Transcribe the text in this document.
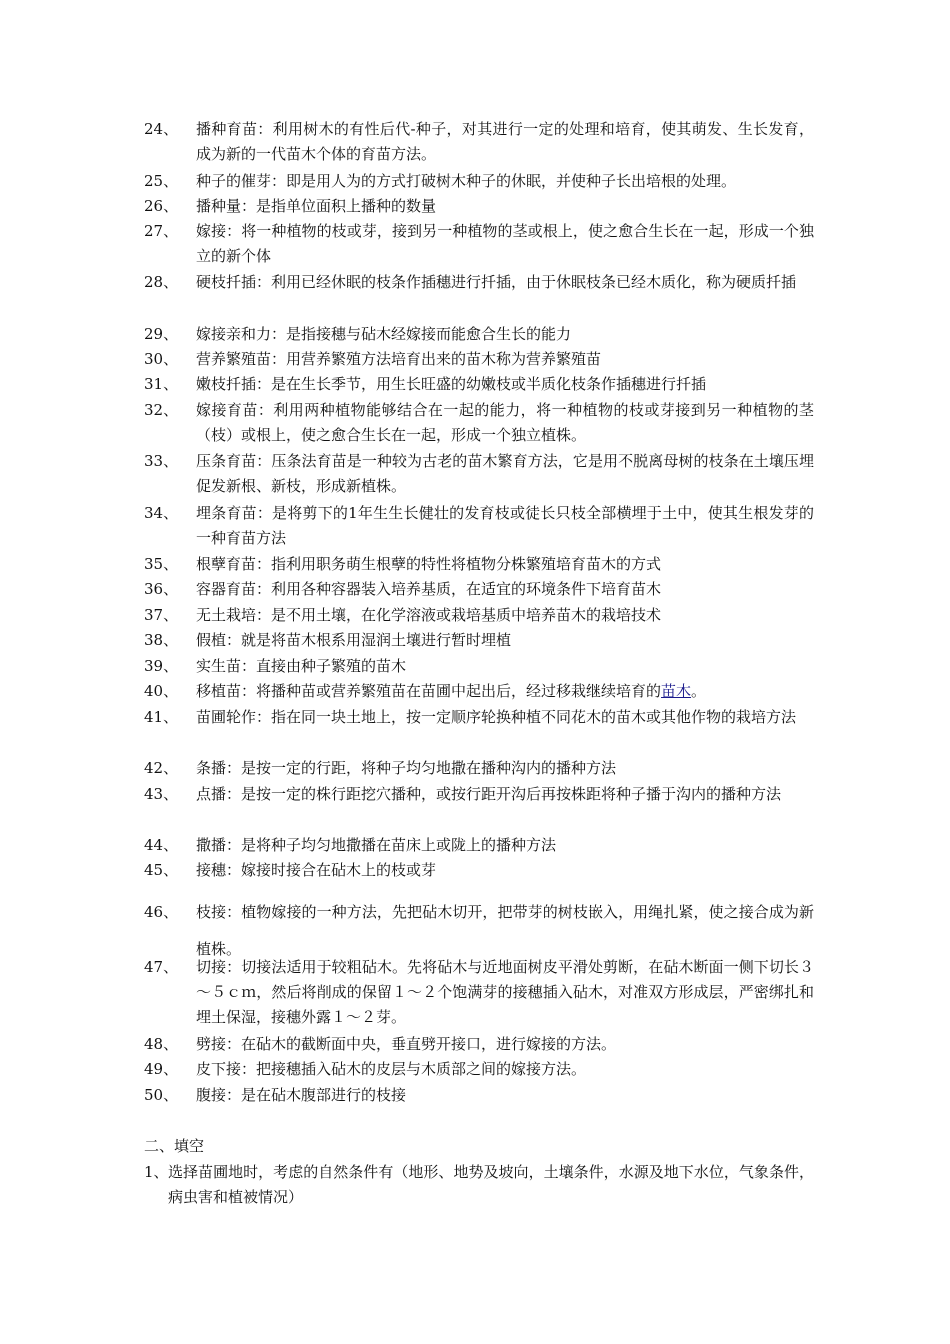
24、	播种育苗：利用树木的有性后代-种子，对其进行一定的处理和培育，使其萌发、生长发育，成为新的一代苗木个体的育苗方法。
25、	种子的催芽：即是用人为的方式打破树木种子的休眠，并使种子长出培根的处理。
26、	播种量：是指单位面积上播种的数量
27、	嫁接：将一种植物的枝或芽，接到另一种植物的茎或根上，使之愈合生长在一起，形成一个独立的新个体
28、	硬枝扦插：利用已经休眠的枝条作插穗进行扦插，由于休眠枝条已经木质化，称为硬质扦插
29、	嫁接亲和力：是指接穗与砧木经嫁接而能愈合生长的能力
30、	营养繁殖苗：用营养繁殖方法培育出来的苗木称为营养繁殖苗
31、	嫩枝扦插：是在生长季节，用生长旺盛的幼嫩枝或半质化枝条作插穗进行扦插
32、	嫁接育苗：利用两种植物能够结合在一起的能力，将一种植物的枝或芽接到另一种植物的茎（枝）或根上，使之愈合生长在一起，形成一个独立植株。
33、	压条育苗：压条法育苗是一种较为古老的苗木繁育方法，它是用不脱离母树的枝条在土壤压埋促发新根、新枝，形成新植株。
34、	埋条育苗：是将剪下的1年生生长健壮的发育枝或徒长只枝全部横埋于土中，使其生根发芽的一种育苗方法
35、	根孽育苗：指利用职务萌生根孽的特性将植物分株繁殖培育苗木的方式
36、	容器育苗：利用各种容器装入培养基质，在适宜的环境条件下培育苗木
37、	无土栽培：是不用土壤，在化学溶液或栽培基质中培养苗木的栽培技术
38、	假植：就是将苗木根系用湿润土壤进行暂时埋植
39、	实生苗：直接由种子繁殖的苗木
40、	移植苗：将播种苗或营养繁殖苗在苗圃中起出后，经过移栽继续培育的苗木。
41、	苗圃轮作：指在同一块土地上，按一定顺序轮换种植不同花木的苗木或其他作物的栽培方法
42、	条播：是按一定的行距，将种子均匀地撒在播种沟内的播种方法
43、	点播：是按一定的株行距挖穴播种，或按行距开沟后再按株距将种子播于沟内的播种方法
44、	撒播：是将种子均匀地撒播在苗床上或陇上的播种方法
45、	接穗：嫁接时接合在砧木上的枝或芽
46、	枝接：植物嫁接的一种方法，先把砧木切开，把带芽的树枝嵌入，用绳扎紧，使之接合成为新植株。
47、	切接：切接法适用于较粗砧木。先将砧木与近地面树皮平滑处剪断，在砧木断面一侧下切长３～５ｃｍ，然后将削成的保留１～２个饱满芽的接穗插入砧木，对准双方形成层，严密绑扎和埋土保湿，接穗外露１～２芽。
48、	劈接：在砧木的截断面中央，垂直劈开接口，进行嫁接的方法。
49、	皮下接：把接穗插入砧木的皮层与木质部之间的嫁接方法。
50、	腹接：是在砧木腹部进行的枝接
二、填空
1、 选择苗圃地时，考虑的自然条件有（地形、地势及坡向，土壤条件，水源及地下水位，气象条件，病虫害和植被情况）
